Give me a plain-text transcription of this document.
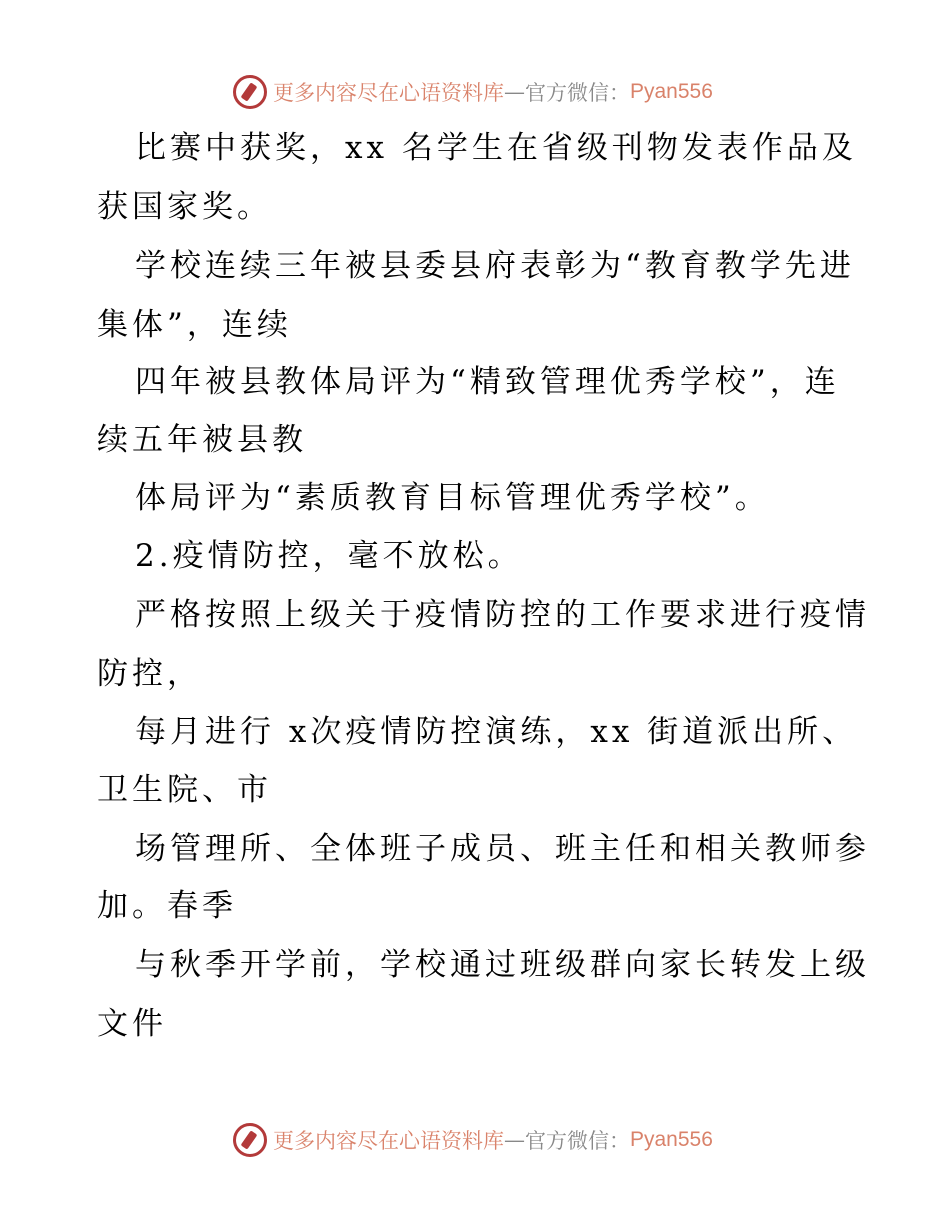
更多内容尽在心语资料库 — 官方微信： Pyan556
比赛中获奖，xx 名学生在省级刊物发表作品及
获国家奖。
学校连续三年被县委县府表彰为“教育教学先进
集体”，连续
四年被县教体局评为“精致管理优秀学校”，连
续五年被县教
体局评为“素质教育目标管理优秀学校”。
2.疫情防控，毫不放松。
严格按照上级关于疫情防控的工作要求进行疫情
防控，
每月进行 x次疫情防控演练，xx 街道派出所、
卫生院、市
场管理所、全体班子成员、班主任和相关教师参
加。春季
与秋季开学前，学校通过班级群向家长转发上级
文件
更多内容尽在心语资料库 — 官方微信： Pyan556
